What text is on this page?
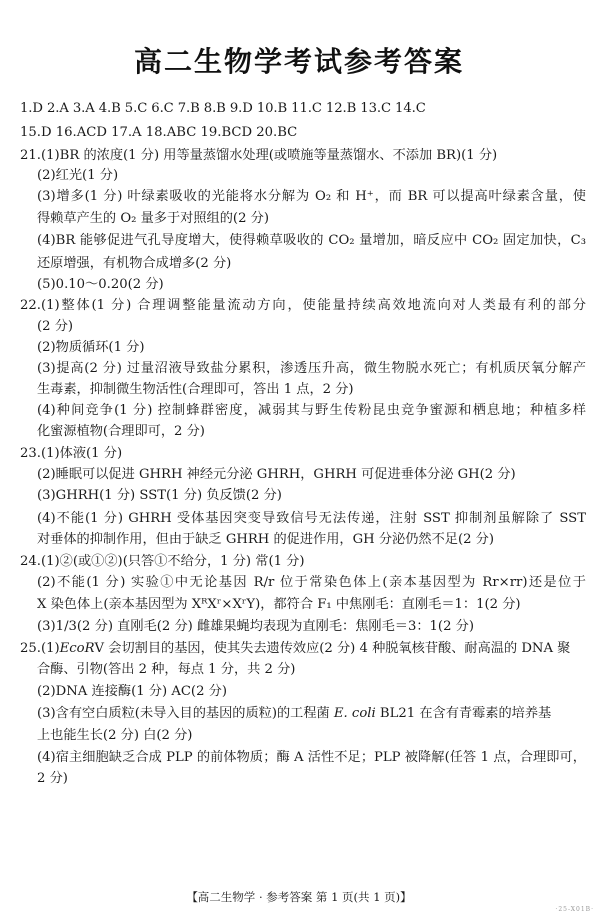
高二生物学考试参考答案
1.D 2.A 3.A 4.B 5.C 6.C 7.B 8.B 9.D 10.B 11.C 12.B 13.C 14.C
15.D 16.ACD 17.A 18.ABC 19.BCD 20.BC
21.(1)BR 的浓度(1 分) 用等量蒸馏水处理(或喷施等量蒸馏水、不添加 BR)(1 分)
(2)红光(1 分)
(3)增多(1 分) 叶绿素吸收的光能将水分解为 O₂ 和 H⁺，而 BR 可以提高叶绿素含量，使
得赖草产生的 O₂ 量多于对照组的(2 分)
(4)BR 能够促进气孔导度增大，使得赖草吸收的 CO₂ 量增加，暗反应中 CO₂ 固定加快，C₃
还原增强，有机物合成增多(2 分)
(5)0.10～0.20(2 分)
22.(1)整体(1 分) 合理调整能量流动方向，使能量持续高效地流向对人类最有利的部分
(2 分)
(2)物质循环(1 分)
(3)提高(2 分) 过量沼液导致盐分累积，渗透压升高，微生物脱水死亡；有机质厌氧分解产
生毒素，抑制微生物活性(合理即可，答出 1 点，2 分)
(4)种间竞争(1 分) 控制蜂群密度，减弱其与野生传粉昆虫竞争蜜源和栖息地；种植多样
化蜜源植物(合理即可，2 分)
23.(1)体液(1 分)
(2)睡眠可以促进 GHRH 神经元分泌 GHRH，GHRH 可促进垂体分泌 GH(2 分)
(3)GHRH(1 分) SST(1 分) 负反馈(2 分)
(4)不能(1 分) GHRH 受体基因突变导致信号无法传递，注射 SST 抑制剂虽解除了 SST
对垂体的抑制作用，但由于缺乏 GHRH 的促进作用，GH 分泌仍然不足(2 分)
24.(1)②(或①②)(只答①不给分，1 分) 常(1 分)
(2)不能(1 分) 实验①中无论基因 R/r 位于常染色体上(亲本基因型为 Rr×rr)还是位于
X 染色体上(亲本基因型为 XᴿXʳ×XʳY)，都符合 F₁ 中焦刚毛：直刚毛＝1：1(2 分)
(3)1/3(2 分) 直刚毛(2 分) 雌雄果蝇均表现为直刚毛：焦刚毛＝3：1(2 分)
25.(1)EcoRⅤ 会切割目的基因，使其失去遗传效应(2 分) 4 种脱氧核苷酸、耐高温的 DNA 聚
合酶、引物(答出 2 种，每点 1 分，共 2 分)
(2)DNA 连接酶(1 分) AC(2 分)
(3)含有空白质粒(未导入目的基因的质粒)的工程菌 E. coli BL21 在含有青霉素的培养基
上也能生长(2 分) 白(2 分)
(4)宿主细胞缺乏合成 PLP 的前体物质；酶 A 活性不足；PLP 被降解(任答 1 点，合理即可，
2 分)
【高二生物学 · 参考答案 第 1 页(共 1 页)】
·25-X01B·
